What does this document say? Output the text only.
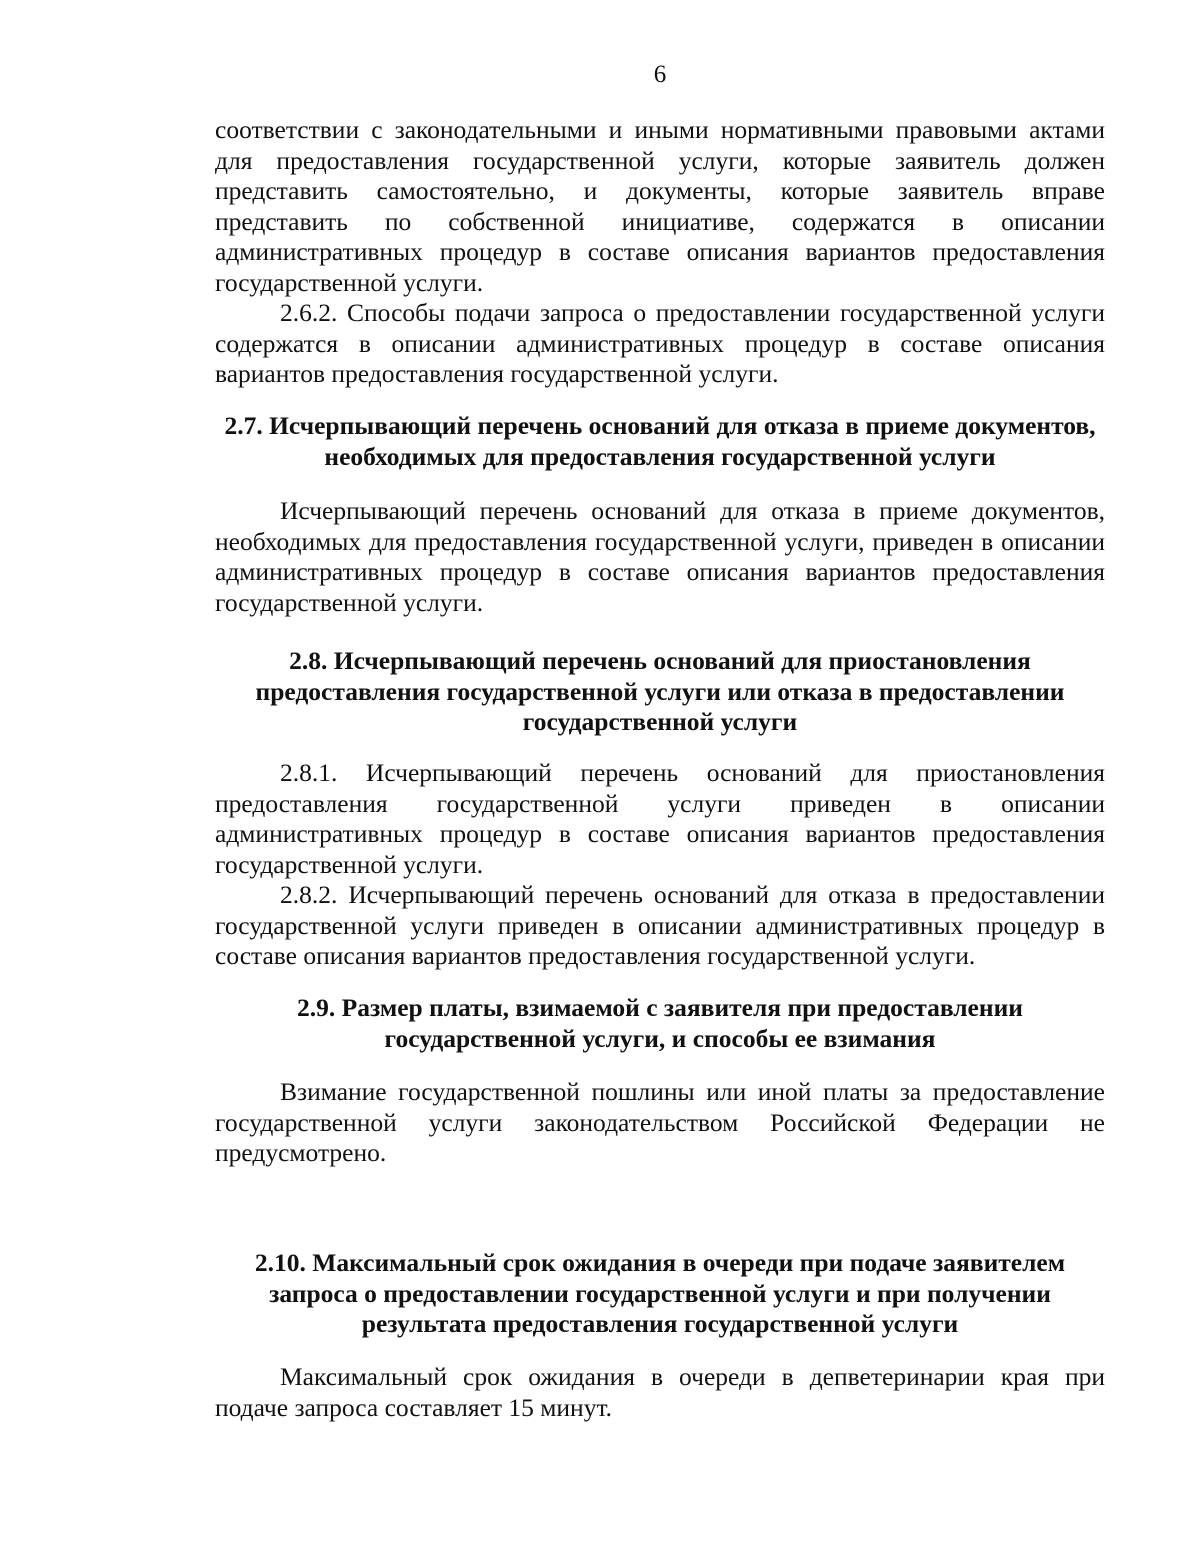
6

соответствии с законодательными и иными нормативными правовыми актами для предоставления государственной услуги, которые заявитель должен представить самостоятельно, и документы, которые заявитель вправе представить по собственной инициативе, содержатся в описании административных процедур в составе описания вариантов предоставления государственной услуги.

2.6.2. Способы подачи запроса о предоставлении государственной услуги содержатся в описании административных процедур в составе описания вариантов предоставления государственной услуги.

2.7. Исчерпывающий перечень оснований для отказа в приеме документов,
необходимых для предоставления государственной услуги

Исчерпывающий перечень оснований для отказа в приеме документов, необходимых для предоставления государственной услуги, приведен в описании административных процедур в составе описания вариантов предоставления государственной услуги.

2.8. Исчерпывающий перечень оснований для приостановления
предоставления государственной услуги или отказа в предоставлении
государственной услуги

2.8.1. Исчерпывающий перечень оснований для приостановления предоставления государственной услуги приведен в описании административных процедур в составе описания вариантов предоставления государственной услуги.

2.8.2. Исчерпывающий перечень оснований для отказа в предоставлении государственной услуги приведен в описании административных процедур в составе описания вариантов предоставления государственной услуги.

2.9. Размер платы, взимаемой с заявителя при предоставлении
государственной услуги, и способы ее взимания

Взимание государственной пошлины или иной платы за предоставление государственной услуги законодательством Российской Федерации не предусмотрено.

2.10. Максимальный срок ожидания в очереди при подаче заявителем
запроса о предоставлении государственной услуги и при получении
результата предоставления государственной услуги

Максимальный срок ожидания в очереди в депветеринарии края при подаче запроса составляет 15 минут.
